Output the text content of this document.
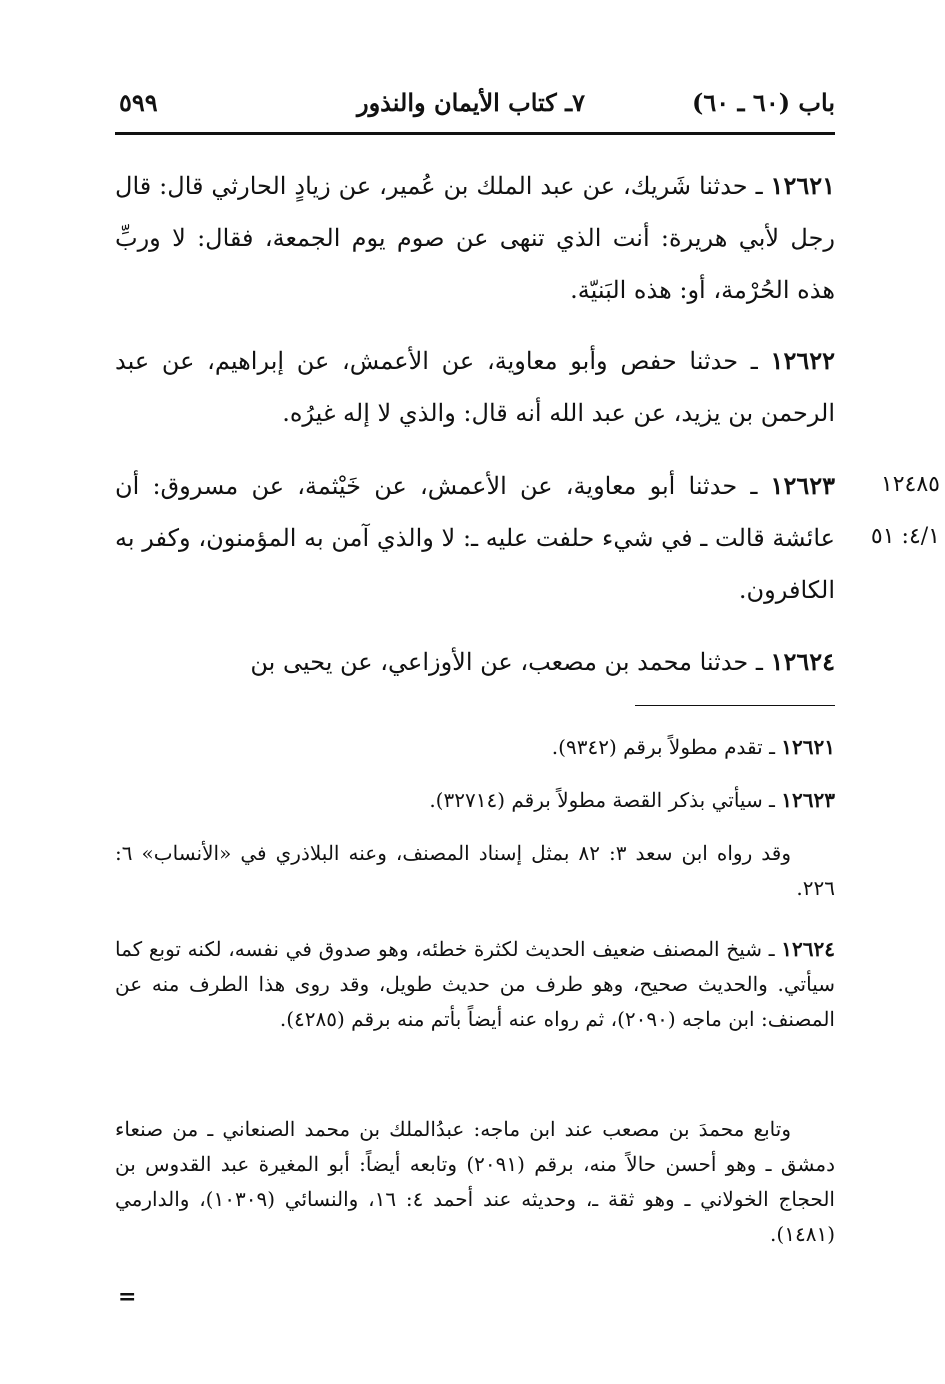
باب (٦٠ ـ ٦٠)
٧ـ كتاب الأيمان والنذور
٥٩٩
١٢٦٢١ ـ حدثنا شَريك، عن عبد الملك بن عُمير، عن زيادٍ الحارثي قال: قال رجل لأبي هريرة: أنت الذي تنهى عن صوم يوم الجمعة، فقال: لا وربِّ هذه الحُرْمة، أو: هذه البَنيّة.
١٢٦٢٢ ـ حدثنا حفص وأبو معاوية، عن الأعمش، عن إبراهيم، عن عبد الرحمن بن يزيد، عن عبد الله أنه قال: والذي لا إله غيرُه.
١٢٦٢٣ ـ حدثنا أبو معاوية، عن الأعمش، عن خَيْثمة، عن مسروق: أن عائشة قالت ـ في شيء حلفت عليه ـ: لا والذي آمن به المؤمنون، وكفر به الكافرون.
١٢٤٨٥
٤/١: ٥١
١٢٦٢٤ ـ حدثنا محمد بن مصعب، عن الأوزاعي، عن يحيى بن
١٢٦٢١ ـ تقدم مطولاً برقم (٩٣٤٢).
١٢٦٢٣ ـ سيأتي بذكر القصة مطولاً برقم (٣٢٧١٤).
وقد رواه ابن سعد ٣: ٨٢ بمثل إسناد المصنف، وعنه البلاذري في «الأنساب» ٦: ٢٢٦.
١٢٦٢٤ ـ شيخ المصنف ضعيف الحديث لكثرة خطئه، وهو صدوق في نفسه، لكنه توبع كما سيأتي. والحديث صحيح، وهو طرف من حديث طويل، وقد روى هذا الطرف منه عن المصنف: ابن ماجه (٢٠٩٠)، ثم رواه عنه أيضاً بأتم منه برقم (٤٢٨٥).
وتابع محمدَ بن مصعب عند ابن ماجه: عبدُالملك بن محمد الصنعاني ـ من صنعاء دمشق ـ وهو أحسن حالاً منه، برقم (٢٠٩١) وتابعه أيضاً: أبو المغيرة عبد القدوس بن الحجاج الخولاني ـ وهو ثقة ـ، وحديثه عند أحمد ٤: ١٦، والنسائي (١٠٣٠٩)، والدارمي (١٤٨١).
=
